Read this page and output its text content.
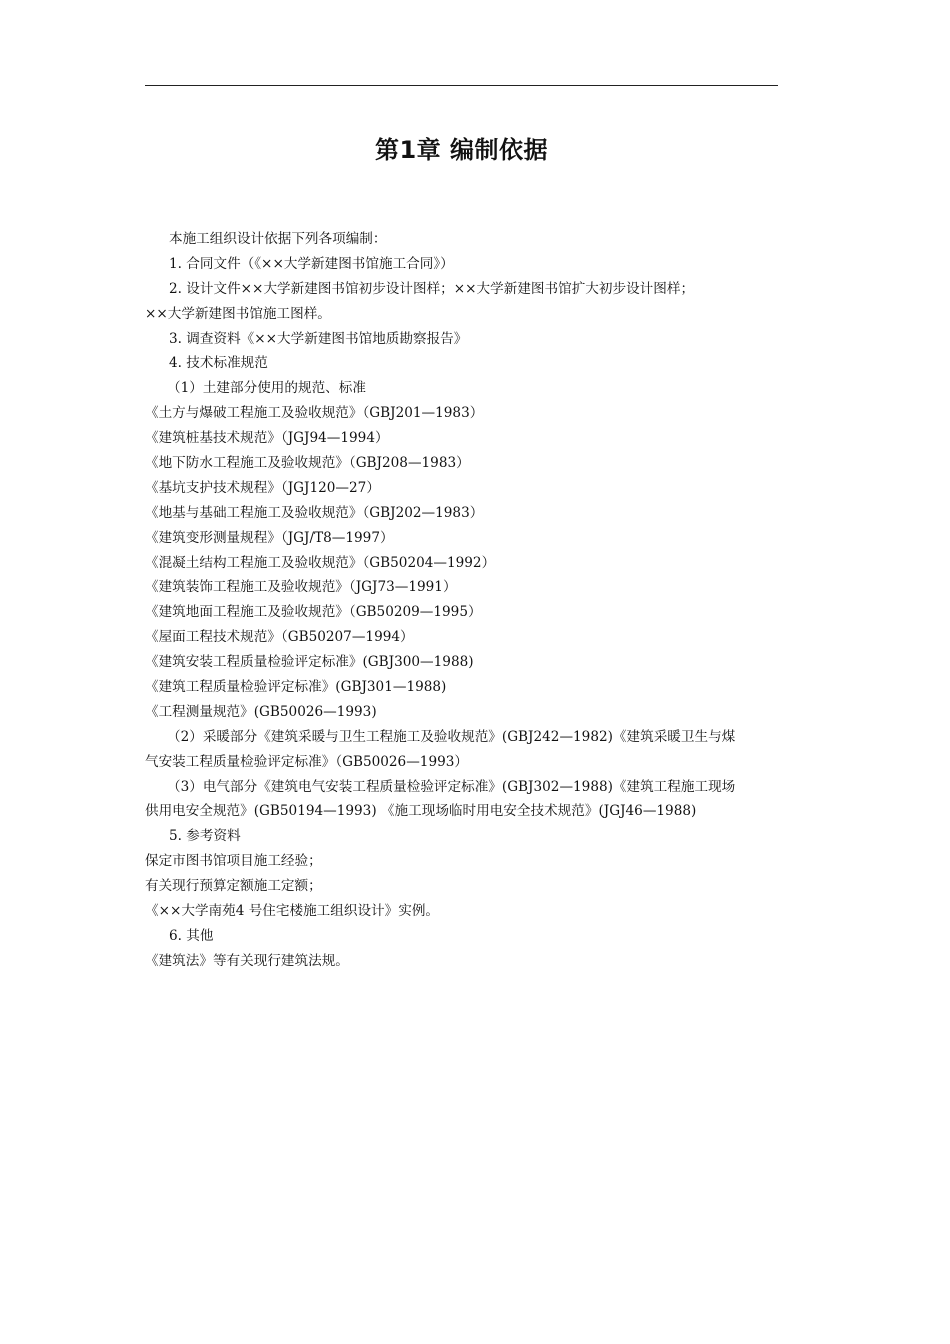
第1章 编制依据
本施工组织设计依据下列各项编制：
1. 合同文件（《××大学新建图书馆施工合同》）
2. 设计文件××大学新建图书馆初步设计图样；××大学新建图书馆扩大初步设计图样；
××大学新建图书馆施工图样。
3. 调查资料《××大学新建图书馆地质勘察报告》
4. 技术标准规范
（1）土建部分使用的规范、标准
《土方与爆破工程施工及验收规范》（GBJ201—1983）
《建筑桩基技术规范》（JGJ94—1994）
《地下防水工程施工及验收规范》（GBJ208—1983）
《基坑支护技术规程》（JGJ120—27）
《地基与基础工程施工及验收规范》（GBJ202—1983）
《建筑变形测量规程》（JGJ/T8—1997）
《混凝土结构工程施工及验收规范》（GB50204—1992）
《建筑装饰工程施工及验收规范》（JGJ73—1991）
《建筑地面工程施工及验收规范》（GB50209—1995）
《屋面工程技术规范》（GB50207—1994）
《建筑安装工程质量检验评定标准》(GBJ300—1988)
《建筑工程质量检验评定标准》(GBJ301—1988)
《工程测量规范》(GB50026—1993)
（2）采暖部分《建筑采暖与卫生工程施工及验收规范》(GBJ242—1982)《建筑采暖卫生与煤
气安装工程质量检验评定标准》（GB50026—1993）
（3）电气部分《建筑电气安装工程质量检验评定标准》(GBJ302—1988)《建筑工程施工现场
供用电安全规范》(GB50194—1993) 《施工现场临时用电安全技术规范》(JGJ46—1988)
5. 参考资料
保定市图书馆项目施工经验；
有关现行预算定额施工定额；
《××大学南苑4 号住宅楼施工组织设计》实例。
6. 其他
《建筑法》等有关现行建筑法规。
